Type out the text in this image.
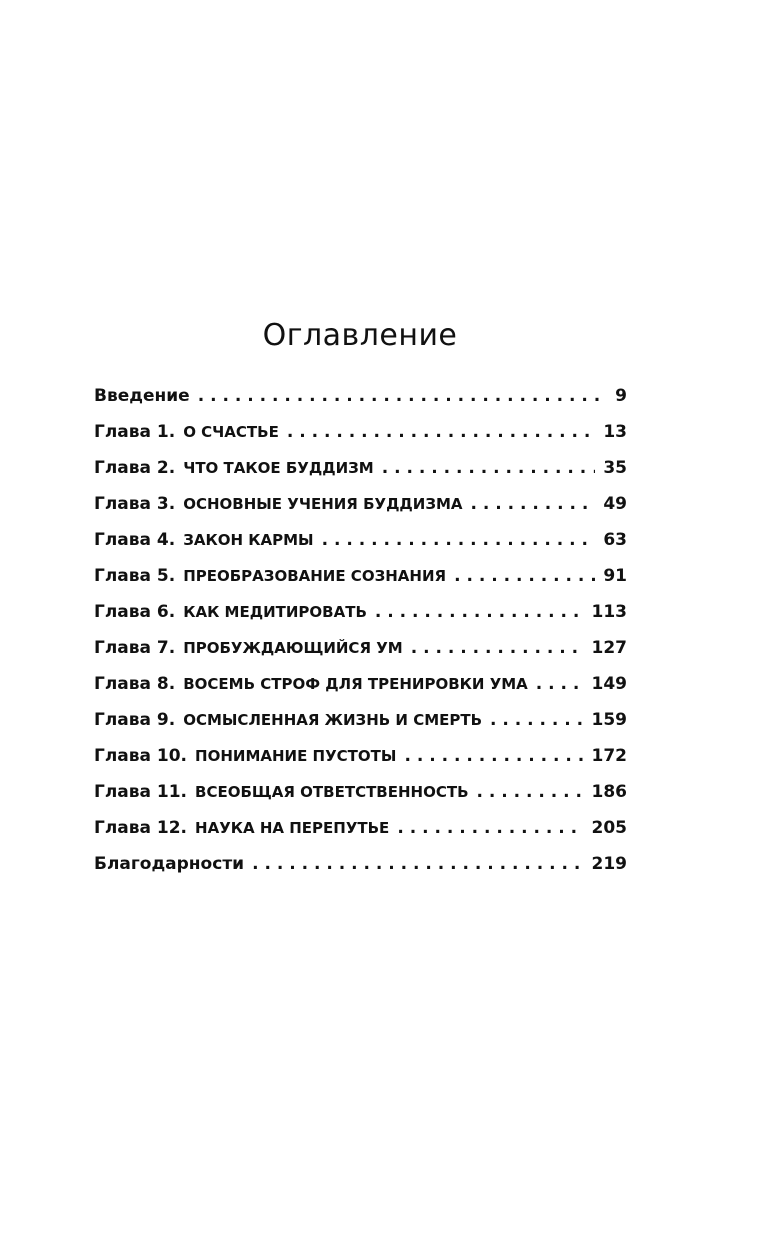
Оглавление
Введение . . .	9
Глава 1. О СЧАСТЬЕ . . .	13
Глава 2. ЧТО ТАКОЕ БУДДИЗМ . . .	35
Глава 3. ОСНОВНЫЕ УЧЕНИЯ БУДДИЗМА . . .	49
Глава 4. ЗАКОН КАРМЫ . . .	63
Глава 5. ПРЕОБРАЗОВАНИЕ СОЗНАНИЯ . . .	91
Глава 6. КАК МЕДИТИРОВАТЬ . . .	113
Глава 7. ПРОБУЖДАЮЩИЙСЯ УМ . . .	127
Глава 8. ВОСЕМЬ СТРОФ ДЛЯ ТРЕНИРОВКИ УМА . . .	149
Глава 9. ОСМЫСЛЕННАЯ ЖИЗНЬ И СМЕРТЬ . . .	159
Глава 10. ПОНИМАНИЕ ПУСТОТЫ . . .	172
Глава 11. ВСЕОБЩАЯ ОТВЕТСТВЕННОСТЬ . . .	186
Глава 12. НАУКА НА ПЕРЕПУТЬЕ . . .	205
Благодарности . . .	219
